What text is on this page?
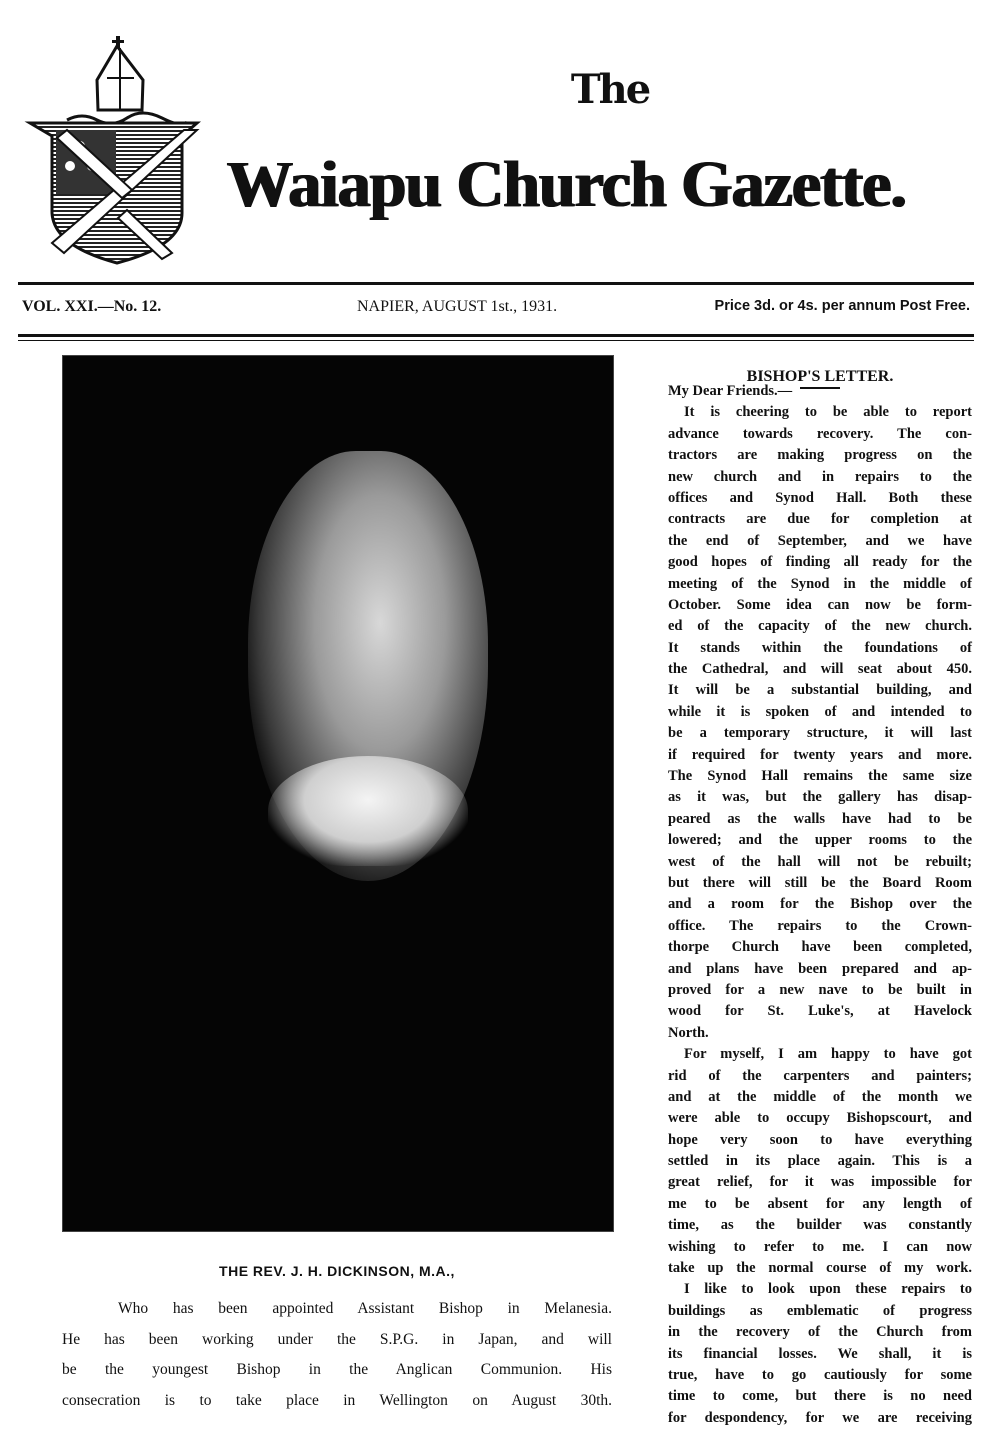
The
Waiapu Church Gazette.
VOL. XXI.—No. 12.	NAPIER, AUGUST 1st., 1931.	Price 3d. or 4s. per annum Post Free.
THE REV. J. H. DICKINSON, M.A.,
Who has been appointed Assistant Bishop in Melanesia.
He has been working under the S.P.G. in Japan, and will
be the youngest Bishop in the Anglican Communion. His
consecration is to take place in Wellington on August 30th.
BISHOP'S LETTER.
My Dear Friends.—
It is cheering to be able to report
advance towards recovery. The con-
tractors are making progress on the
new church and in repairs to the
offices and Synod Hall. Both these
contracts are due for completion at
the end of September, and we have
good hopes of finding all ready for the
meeting of the Synod in the middle of
October. Some idea can now be form-
ed of the capacity of the new church.
It stands within the foundations of
the Cathedral, and will seat about 450.
It will be a substantial building, and
while it is spoken of and intended to
be a temporary structure, it will last
if required for twenty years and more.
The Synod Hall remains the same size
as it was, but the gallery has disap-
peared as the walls have had to be
lowered; and the upper rooms to the
west of the hall will not be rebuilt;
but there will still be the Board Room
and a room for the Bishop over the
office. The repairs to the Crown-
thorpe Church have been completed,
and plans have been prepared and ap-
proved for a new nave to be built in
wood for St. Luke's, at Havelock
North.
For myself, I am happy to have got
rid of the carpenters and painters;
and at the middle of the month we
were able to occupy Bishopscourt, and
hope very soon to have everything
settled in its place again. This is a
great relief, for it was impossible for
me to be absent for any length of
time, as the builder was constantly
wishing to refer to me. I can now
take up the normal course of my work.
I like to look upon these repairs to
buildings as emblematic of progress
in the recovery of the Church from
its financial losses. We shall, it is
true, have to go cautiously for some
time to come, but there is no need
for despondency, for we are receiving
